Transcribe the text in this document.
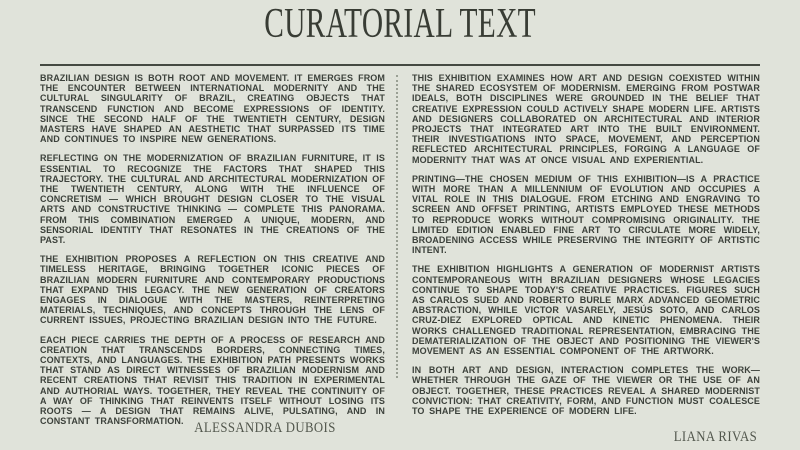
CURATORIAL TEXT

BRAZILIAN DESIGN IS BOTH ROOT AND MOVEMENT. IT EMERGES FROM THE ENCOUNTER BETWEEN INTERNATIONAL MODERNITY AND THE CULTURAL SINGULARITY OF BRAZIL, CREATING OBJECTS THAT TRANSCEND FUNCTION AND BECOME EXPRESSIONS OF IDENTITY. SINCE THE SECOND HALF OF THE TWENTIETH CENTURY, DESIGN MASTERS HAVE SHAPED AN AESTHETIC THAT SURPASSED ITS TIME AND CONTINUES TO INSPIRE NEW GENERATIONS.

REFLECTING ON THE MODERNIZATION OF BRAZILIAN FURNITURE, IT IS ESSENTIAL TO RECOGNIZE THE FACTORS THAT SHAPED THIS TRAJECTORY. THE CULTURAL AND ARCHITECTURAL MODERNIZATION OF THE TWENTIETH CENTURY, ALONG WITH THE INFLUENCE OF CONCRETISM — WHICH BROUGHT DESIGN CLOSER TO THE VISUAL ARTS AND CONSTRUCTIVE THINKING — COMPLETE THIS PANORAMA. FROM THIS COMBINATION EMERGED A UNIQUE, MODERN, AND SENSORIAL IDENTITY THAT RESONATES IN THE CREATIONS OF THE PAST.

THE EXHIBITION PROPOSES A REFLECTION ON THIS CREATIVE AND TIMELESS HERITAGE, BRINGING TOGETHER ICONIC PIECES OF BRAZILIAN MODERN FURNITURE AND CONTEMPORARY PRODUCTIONS THAT EXPAND THIS LEGACY. THE NEW GENERATION OF CREATORS ENGAGES IN DIALOGUE WITH THE MASTERS, REINTERPRETING MATERIALS, TECHNIQUES, AND CONCEPTS THROUGH THE LENS OF CURRENT ISSUES, PROJECTING BRAZILIAN DESIGN INTO THE FUTURE.

EACH PIECE CARRIES THE DEPTH OF A PROCESS OF RESEARCH AND CREATION THAT TRANSCENDS BORDERS, CONNECTING TIMES, CONTEXTS, AND LANGUAGES. THE EXHIBITION PATH PRESENTS WORKS THAT STAND AS DIRECT WITNESSES OF BRAZILIAN MODERNISM AND RECENT CREATIONS THAT REVISIT THIS TRADITION IN EXPERIMENTAL AND AUTHORIAL WAYS. TOGETHER, THEY REVEAL THE CONTINUITY OF A WAY OF THINKING THAT REINVENTS ITSELF WITHOUT LOSING ITS ROOTS — A DESIGN THAT REMAINS ALIVE, PULSATING, AND IN CONSTANT TRANSFORMATION.

THIS EXHIBITION EXAMINES HOW ART AND DESIGN COEXISTED WITHIN THE SHARED ECOSYSTEM OF MODERNISM. EMERGING FROM POSTWAR IDEALS, BOTH DISCIPLINES WERE GROUNDED IN THE BELIEF THAT CREATIVE EXPRESSION COULD ACTIVELY SHAPE MODERN LIFE. ARTISTS AND DESIGNERS COLLABORATED ON ARCHITECTURAL AND INTERIOR PROJECTS THAT INTEGRATED ART INTO THE BUILT ENVIRONMENT. THEIR INVESTIGATIONS INTO SPACE, MOVEMENT, AND PERCEPTION REFLECTED ARCHITECTURAL PRINCIPLES, FORGING A LANGUAGE OF MODERNITY THAT WAS AT ONCE VISUAL AND EXPERIENTIAL.

PRINTING—THE CHOSEN MEDIUM OF THIS EXHIBITION—IS A PRACTICE WITH MORE THAN A MILLENNIUM OF EVOLUTION AND OCCUPIES A VITAL ROLE IN THIS DIALOGUE. FROM ETCHING AND ENGRAVING TO SCREEN AND OFFSET PRINTING, ARTISTS EMPLOYED THESE METHODS TO REPRODUCE WORKS WITHOUT COMPROMISING ORIGINALITY. THE LIMITED EDITION ENABLED FINE ART TO CIRCULATE MORE WIDELY, BROADENING ACCESS WHILE PRESERVING THE INTEGRITY OF ARTISTIC INTENT.

THE EXHIBITION HIGHLIGHTS A GENERATION OF MODERNIST ARTISTS CONTEMPORANEOUS WITH BRAZILIAN DESIGNERS WHOSE LEGACIES CONTINUE TO SHAPE TODAY'S CREATIVE PRACTICES. FIGURES SUCH AS CARLOS SUED AND ROBERTO BURLE MARX ADVANCED GEOMETRIC ABSTRACTION, WHILE VICTOR VASARELY, JESÚS SOTO, AND CARLOS CRUZ-DIEZ EXPLORED OPTICAL AND KINETIC PHENOMENA. THEIR WORKS CHALLENGED TRADITIONAL REPRESENTATION, EMBRACING THE DEMATERIALIZATION OF THE OBJECT AND POSITIONING THE VIEWER'S MOVEMENT AS AN ESSENTIAL COMPONENT OF THE ARTWORK.

IN BOTH ART AND DESIGN, INTERACTION COMPLETES THE WORK—WHETHER THROUGH THE GAZE OF THE VIEWER OR THE USE OF AN OBJECT. TOGETHER, THESE PRACTICES REVEAL A SHARED MODERNIST CONVICTION: THAT CREATIVITY, FORM, AND FUNCTION MUST COALESCE TO SHAPE THE EXPERIENCE OF MODERN LIFE.

ALESSANDRA DUBOIS
LIANA RIVAS
